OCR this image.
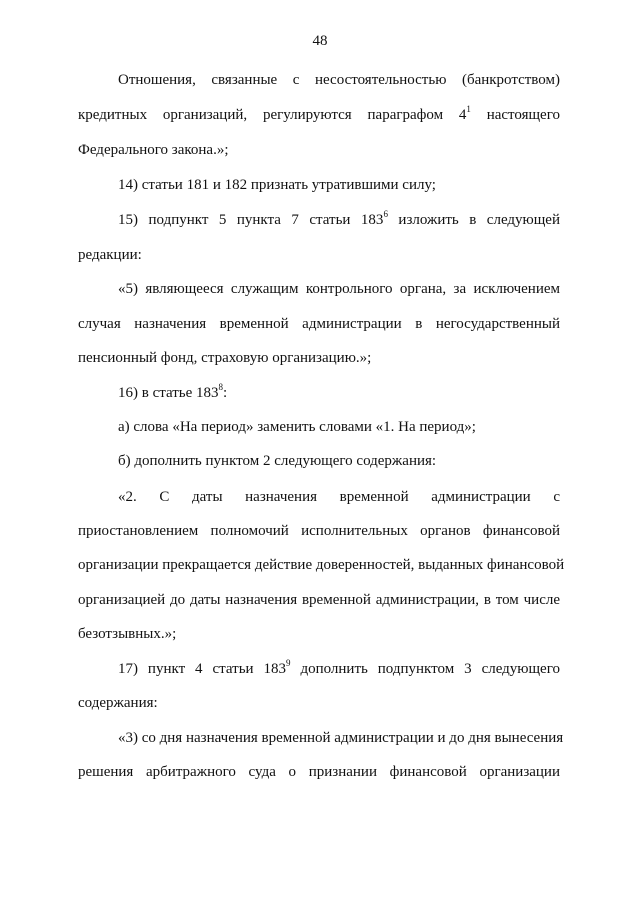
48
Отношения, связанные с несостоятельностью (банкротством)
кредитных организаций, регулируются параграфом $4^1$ настоящего
Федерального закона.»;
14) статьи 181 и 182 признать утратившими силу;
15) подпункт 5 пункта 7 статьи $183^6$ изложить в следующей
редакции:
«5) являющееся служащим контрольного органа, за исключением
случая назначения временной администрации в негосударственный
пенсионный фонд, страховую организацию.»;
16) в статье $183^8$:
а) слова «На период» заменить словами «1. На период»;
б) дополнить пунктом 2 следующего содержания:
«2. С даты назначения временной администрации с
приостановлением полномочий исполнительных органов финансовой
организации прекращается действие доверенностей, выданных финансовой
организацией до даты назначения временной администрации, в том числе
безотзывных.»;
17) пункт 4 статьи $183^9$ дополнить подпунктом 3 следующего
содержания:
«3) со дня назначения временной администрации и до дня вынесения
решения арбитражного суда о признании финансовой организации
